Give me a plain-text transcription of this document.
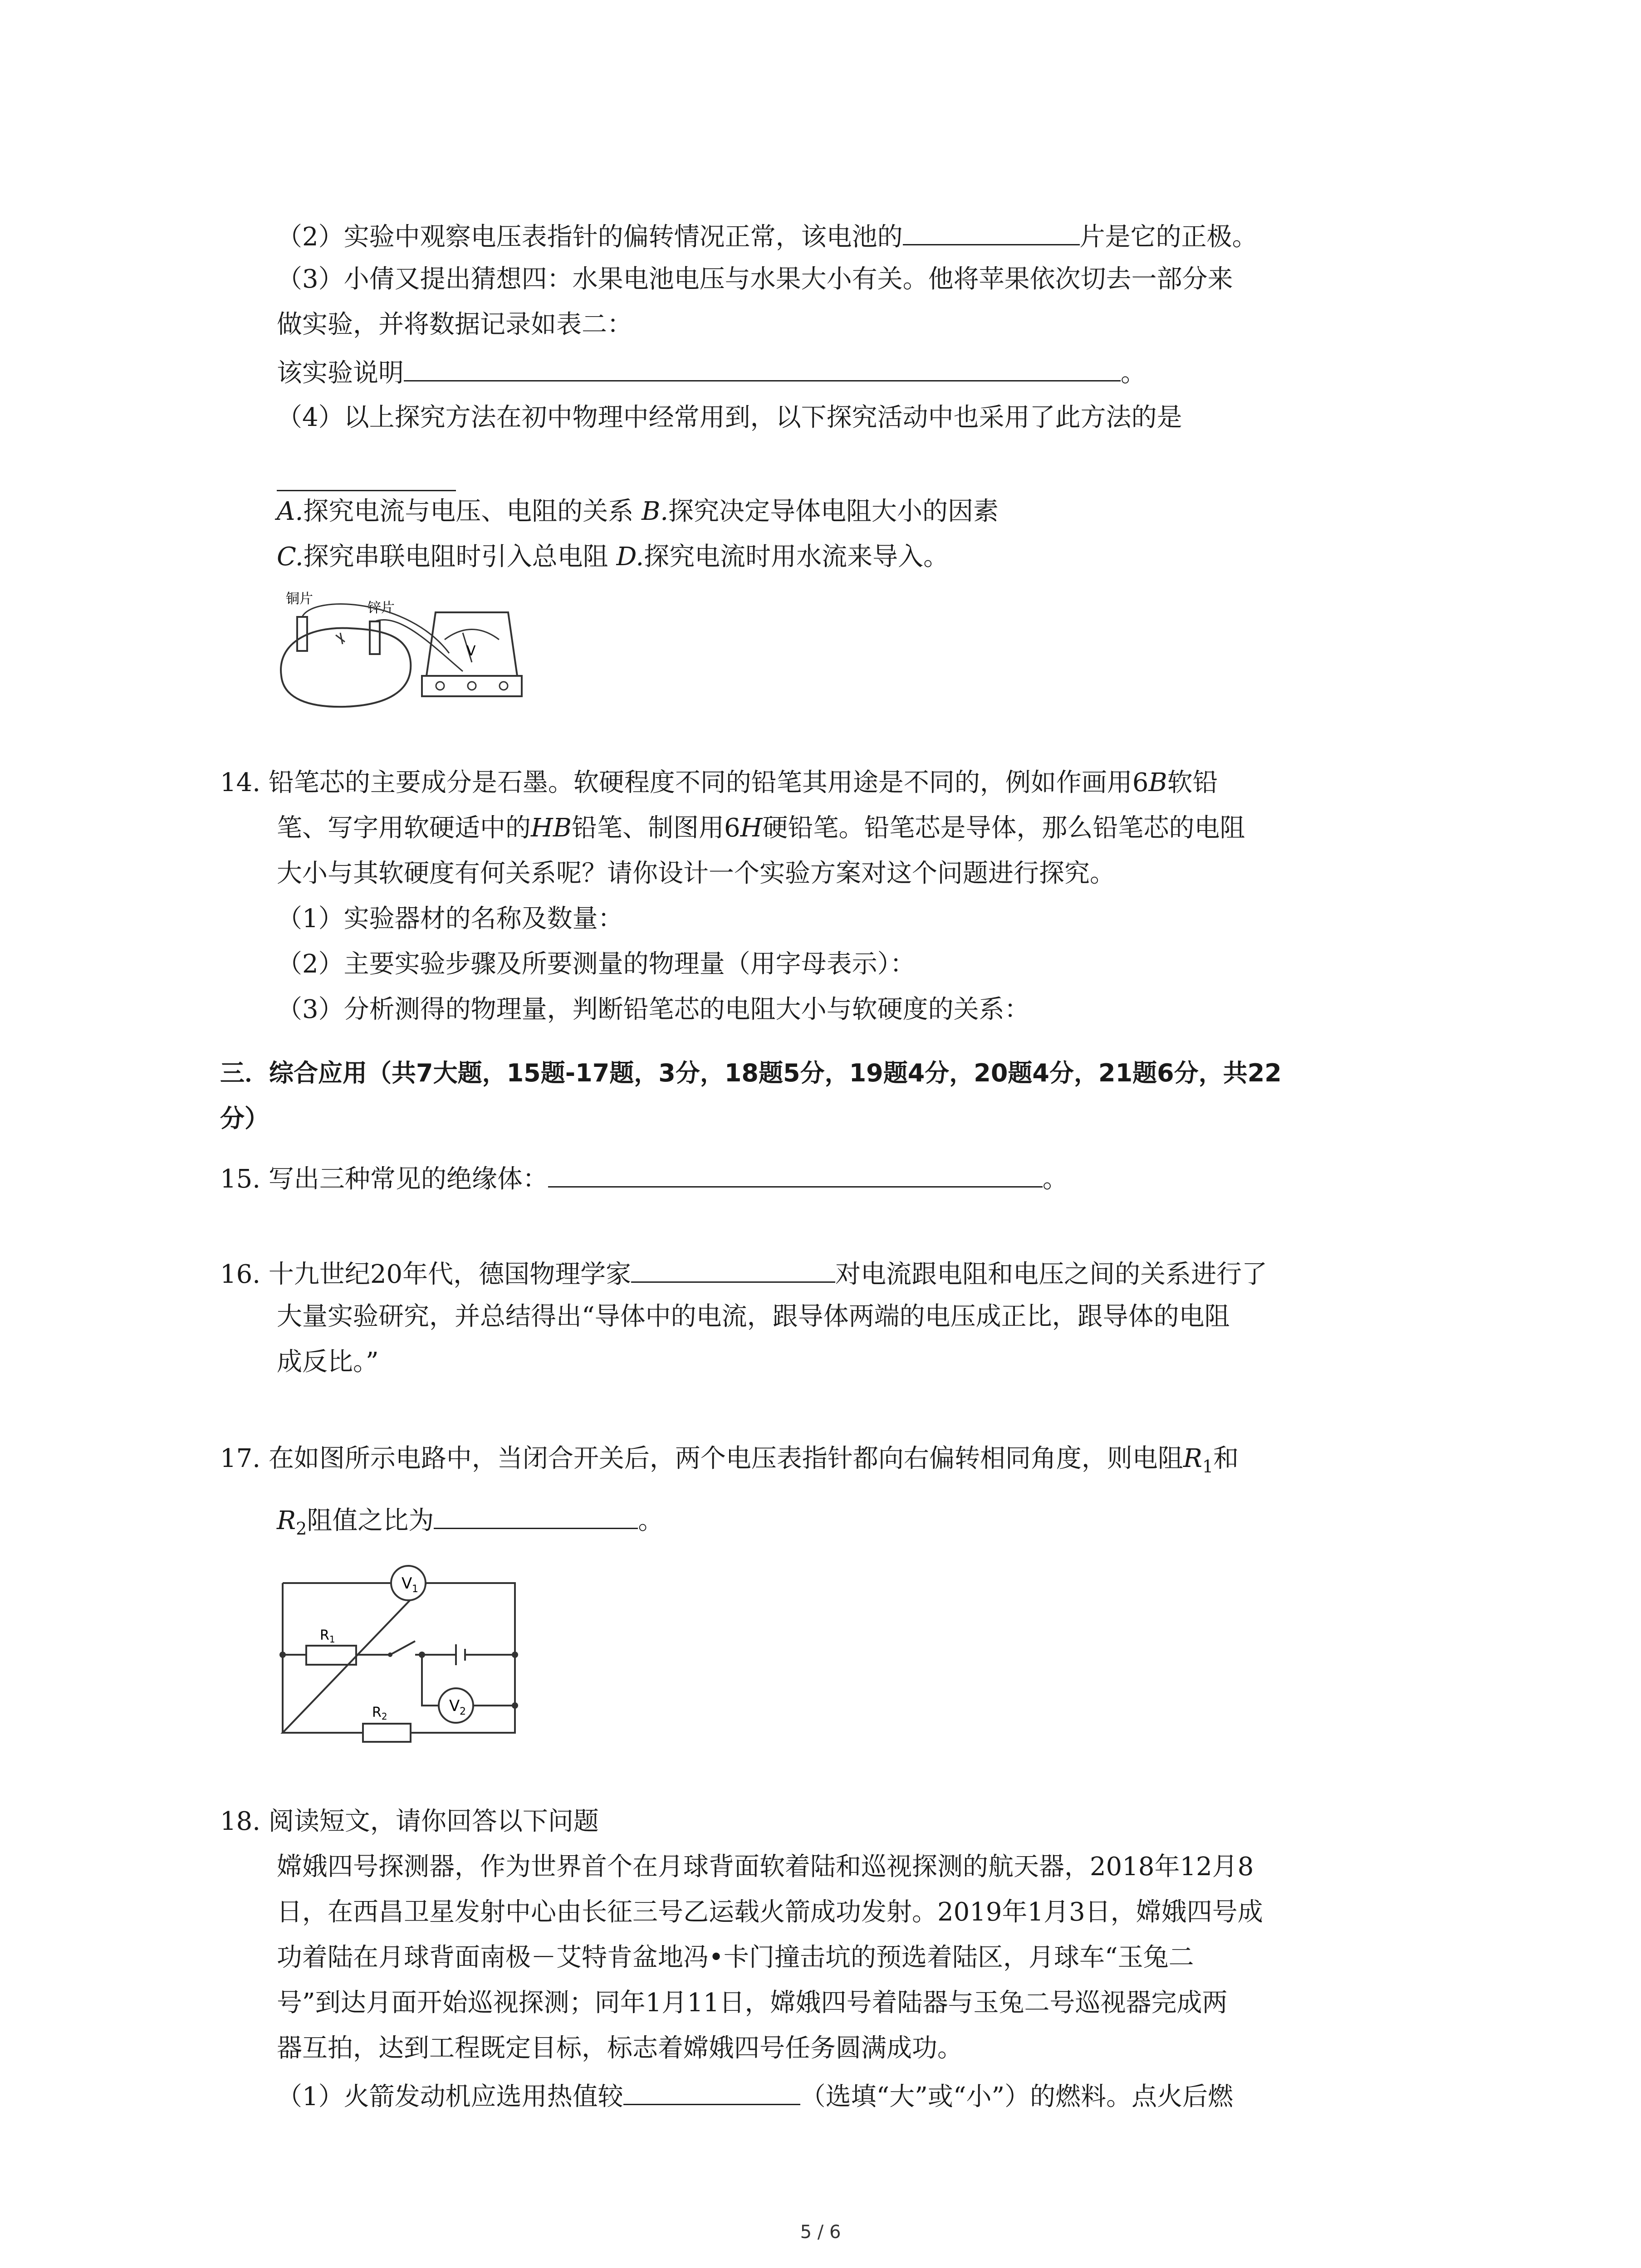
（2）实验中观察电压表指针的偏转情况正常，该电池的	片是它的正极。
（3）小倩又提出猜想四：水果电池电压与水果大小有关。他将苹果依次切去一部分来
做实验，并将数据记录如表二：
该实验说明	。
（4）以上探究方法在初中物理中经常用到，以下探究活动中也采用了此方法的是
A.探究电流与电压、电阻的关系 B.探究决定导体电阻大小的因素
C.探究串联电阻时引入总电阻 D.探究电流时用水流来导入。
铜片
锌片
V
14. 铅笔芯的主要成分是石墨。软硬程度不同的铅笔其用途是不同的，例如作画用6B软铅
笔、写字用软硬适中的HB铅笔、制图用6H硬铅笔。铅笔芯是导体，那么铅笔芯的电阻
大小与其软硬度有何关系呢？请你设计一个实验方案对这个问题进行探究。
（1）实验器材的名称及数量：
（2）主要实验步骤及所要测量的物理量（用字母表示）：
（3）分析测得的物理量，判断铅笔芯的电阻大小与软硬度的关系：
三．综合应用（共7大题，15题-17题，3分，18题5分，19题4分，20题4分，21题6分，共22
分）
15. 写出三种常见的绝缘体：	。
16. 十九世纪20年代，德国物理学家	对电流跟电阻和电压之间的关系进行了
大量实验研究，并总结得出“导体中的电流，跟导体两端的电压成正比，跟导体的电阻
成反比。”
17. 在如图所示电路中，当闭合开关后，两个电压表指针都向右偏转相同角度，则电阻$R_1$和
$R_2$阻值之比为	。
V 1
V 2
$R_1$
$R_2$
18. 阅读短文，请你回答以下问题
嫦娥四号探测器，作为世界首个在月球背面软着陆和巡视探测的航天器，2018年12月8
日，在西昌卫星发射中心由长征三号乙运载火箭成功发射。2019年1月3日，嫦娥四号成
功着陆在月球背面南极－艾特肯盆地冯•卡门撞击坑的预选着陆区，月球车“玉兔二
号”到达月面开始巡视探测；同年1月11日，嫦娥四号着陆器与玉兔二号巡视器完成两
器互拍，达到工程既定目标，标志着嫦娥四号任务圆满成功。
（1）火箭发动机应选用热值较	（选填“大”或“小”）的燃料。点火后燃
5 / 6
